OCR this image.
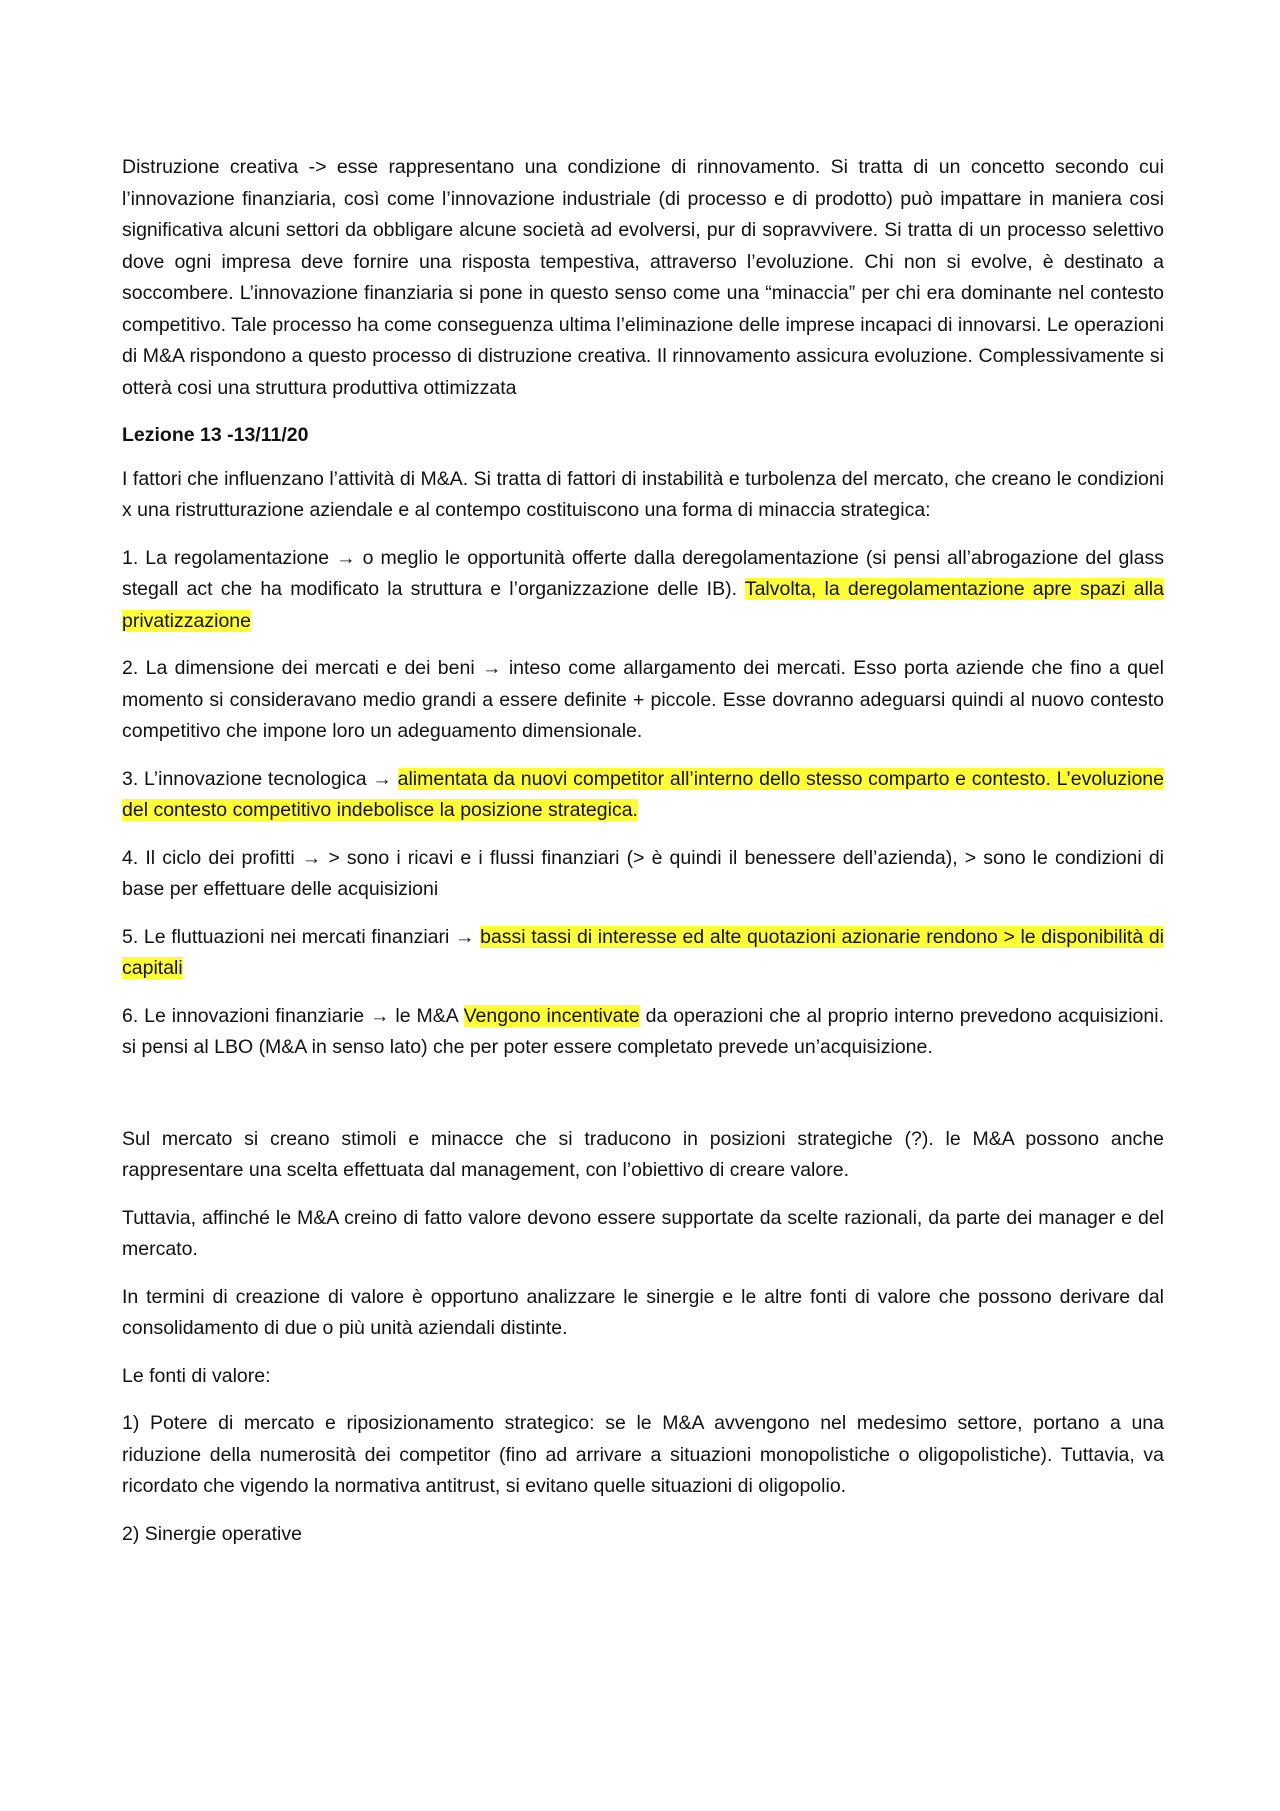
Distruzione creativa -> esse rappresentano una condizione di rinnovamento. Si tratta di un concetto secondo cui l’innovazione finanziaria, così come l’innovazione industriale (di processo e di prodotto) può impattare in maniera cosi significativa alcuni settori da obbligare alcune società ad evolversi, pur di sopravvivere. Si tratta di un processo selettivo dove ogni impresa deve fornire una risposta tempestiva, attraverso l’evoluzione. Chi non si evolve, è destinato a soccombere. L’innovazione finanziaria si pone in questo senso come una “minaccia” per chi era dominante nel contesto competitivo. Tale processo ha come conseguenza ultima l’eliminazione delle imprese incapaci di innovarsi. Le operazioni di M&A rispondono a questo processo di distruzione creativa. Il rinnovamento assicura evoluzione. Complessivamente si otterà cosi una struttura produttiva ottimizzata

Lezione 13 -13/11/20

I fattori che influenzano l’attività di M&A. Si tratta di fattori di instabilità e turbolenza del mercato, che creano le condizioni x una ristrutturazione aziendale e al contempo costituiscono una forma di minaccia strategica:

1. La regolamentazione → o meglio le opportunità offerte dalla deregolamentazione (si pensi all’abrogazione del glass stegall act che ha modificato la struttura e l’organizzazione delle IB). Talvolta, la deregolamentazione apre spazi alla privatizzazione

2. La dimensione dei mercati e dei beni → inteso come allargamento dei mercati. Esso porta aziende che fino a quel momento si consideravano medio grandi a essere definite + piccole. Esse dovranno adeguarsi quindi al nuovo contesto competitivo che impone loro un adeguamento dimensionale.

3. L’innovazione tecnologica → alimentata da nuovi competitor all’interno dello stesso comparto e contesto. L’evoluzione del contesto competitivo indebolisce la posizione strategica.

4. Il ciclo dei profitti → > sono i ricavi e i flussi finanziari (> è quindi il benessere dell’azienda), > sono le condizioni di base per effettuare delle acquisizioni

5. Le fluttuazioni nei mercati finanziari → bassi tassi di interesse ed alte quotazioni azionarie rendono > le disponibilità di capitali

6. Le innovazioni finanziarie → le M&A Vengono incentivate da operazioni che al proprio interno prevedono acquisizioni. si pensi al LBO (M&A in senso lato) che per poter essere completato prevede un’acquisizione.

Sul mercato si creano stimoli e minacce che si traducono in posizioni strategiche (?). le M&A possono anche rappresentare una scelta effettuata dal management, con l’obiettivo di creare valore.

Tuttavia, affinché le M&A creino di fatto valore devono essere supportate da scelte razionali, da parte dei manager e del mercato.

In termini di creazione di valore è opportuno analizzare le sinergie e le altre fonti di valore che possono derivare dal consolidamento di due o più unità aziendali distinte.

Le fonti di valore:

1) Potere di mercato e riposizionamento strategico: se le M&A avvengono nel medesimo settore, portano a una riduzione della numerosità dei competitor (fino ad arrivare a situazioni monopolistiche o oligopolistiche). Tuttavia, va ricordato che vigendo la normativa antitrust, si evitano quelle situazioni di oligopolio.

2) Sinergie operative
